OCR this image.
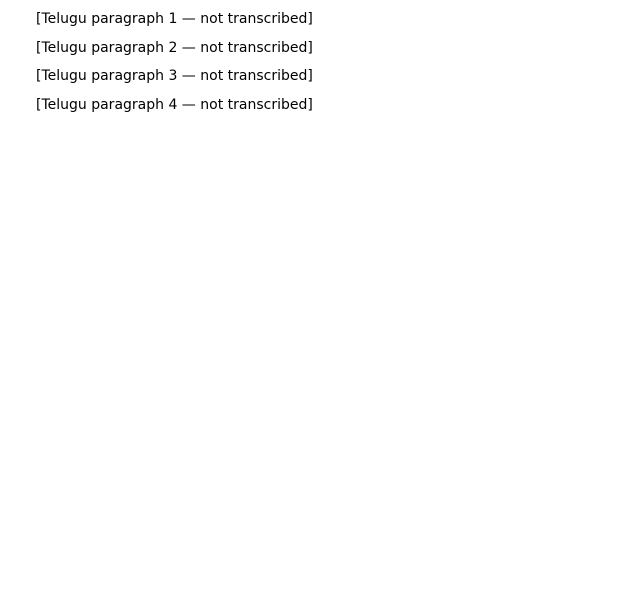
[Telugu paragraph 1 — not transcribed]

[Telugu paragraph 2 — not transcribed]

[Telugu paragraph 3 — not transcribed]

[Telugu paragraph 4 — not transcribed]
